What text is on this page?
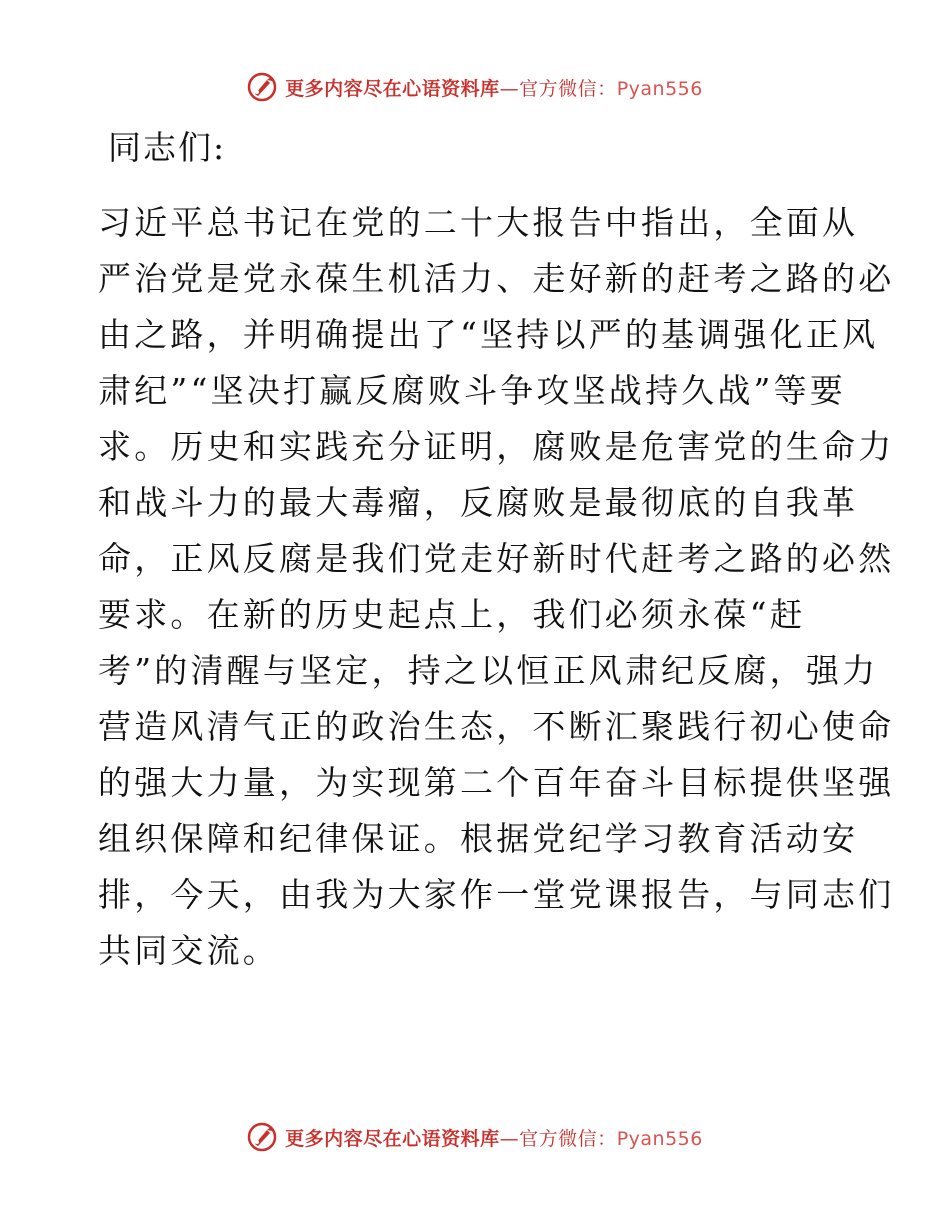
更多内容尽在心语资料库—官方微信：Pyan556
同志们:

习近平总书记在党的二十大报告中指出，全面从
严治党是党永葆生机活力、走好新的赶考之路的必
由之路，并明确提出了“坚持以严的基调强化正风
肃纪”“坚决打赢反腐败斗争攻坚战持久战”等要
求。历史和实践充分证明，腐败是危害党的生命力
和战斗力的最大毒瘤，反腐败是最彻底的自我革
命，正风反腐是我们党走好新时代赶考之路的必然
要求。在新的历史起点上，我们必须永葆“赶
考”的清醒与坚定，持之以恒正风肃纪反腐，强力
营造风清气正的政治生态，不断汇聚践行初心使命
的强大力量，为实现第二个百年奋斗目标提供坚强
组织保障和纪律保证。根据党纪学习教育活动安
排，今天，由我为大家作一堂党课报告，与同志们
共同交流。

更多内容尽在心语资料库—官方微信：Pyan556
